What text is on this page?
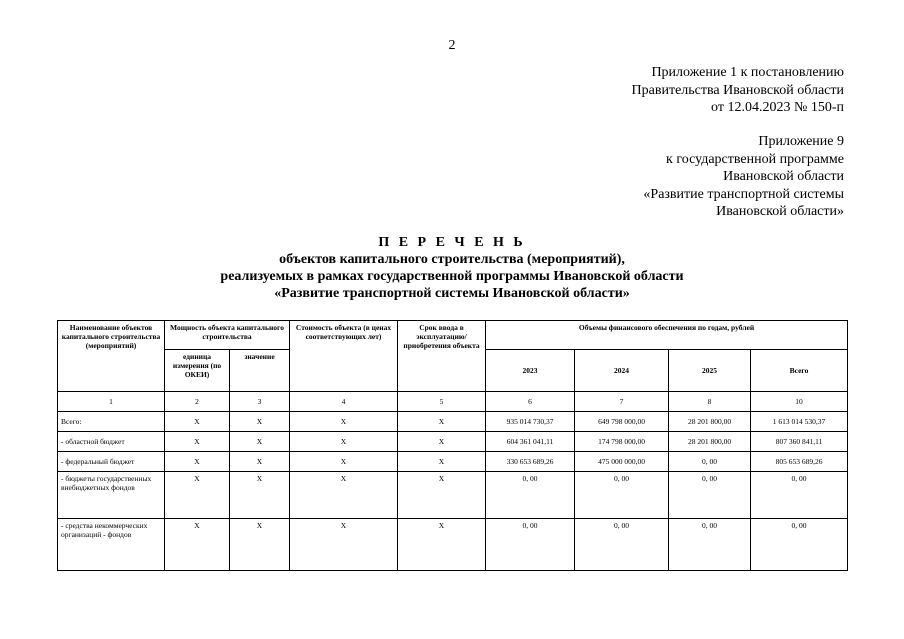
2
Приложение 1 к постановлению
Правительства Ивановской области
от 12.04.2023 № 150-п
Приложение 9
к государственной программе
Ивановской области
«Развитие транспортной системы
Ивановской области»
П Е Р Е Ч Е Н Ь
объектов капитального строительства (мероприятий),
реализуемых в рамках государственной программы Ивановской области
«Развитие транспортной системы Ивановской области»
Наименование объектов капитального строительства (мероприятий)	Мощность объекта капитального строительства		Стоимость объекта (в ценах соответствующих лет)	Срок ввода в эксплуатацию/ приобретения объекта	Объемы финансового обеспечения по годам, рублей			
	единица измерения (по ОКЕИ)	значение			2023	2024	2025	Всего
1	2	3	4	5	6	7	8	10
Всего:	X	X	X	X	935 014 730,37	649 798 000,00	28 201 800,00	1 613 014 530,37
- областной бюджет	X	X	X	X	604 361 041,11	174 798 000,00	28 201 800,00	807 360 841,11
- федеральный бюджет	X	X	X	X	330 653 689,26	475 000 000,00	0, 00	805 653 689,26
- бюджеты государственных внебюджетных фондов	X	X	X	X	0, 00	0, 00	0, 00	0, 00
- средства некоммерческих организаций - фондов	X	X	X	X	0, 00	0, 00	0, 00	0, 00
